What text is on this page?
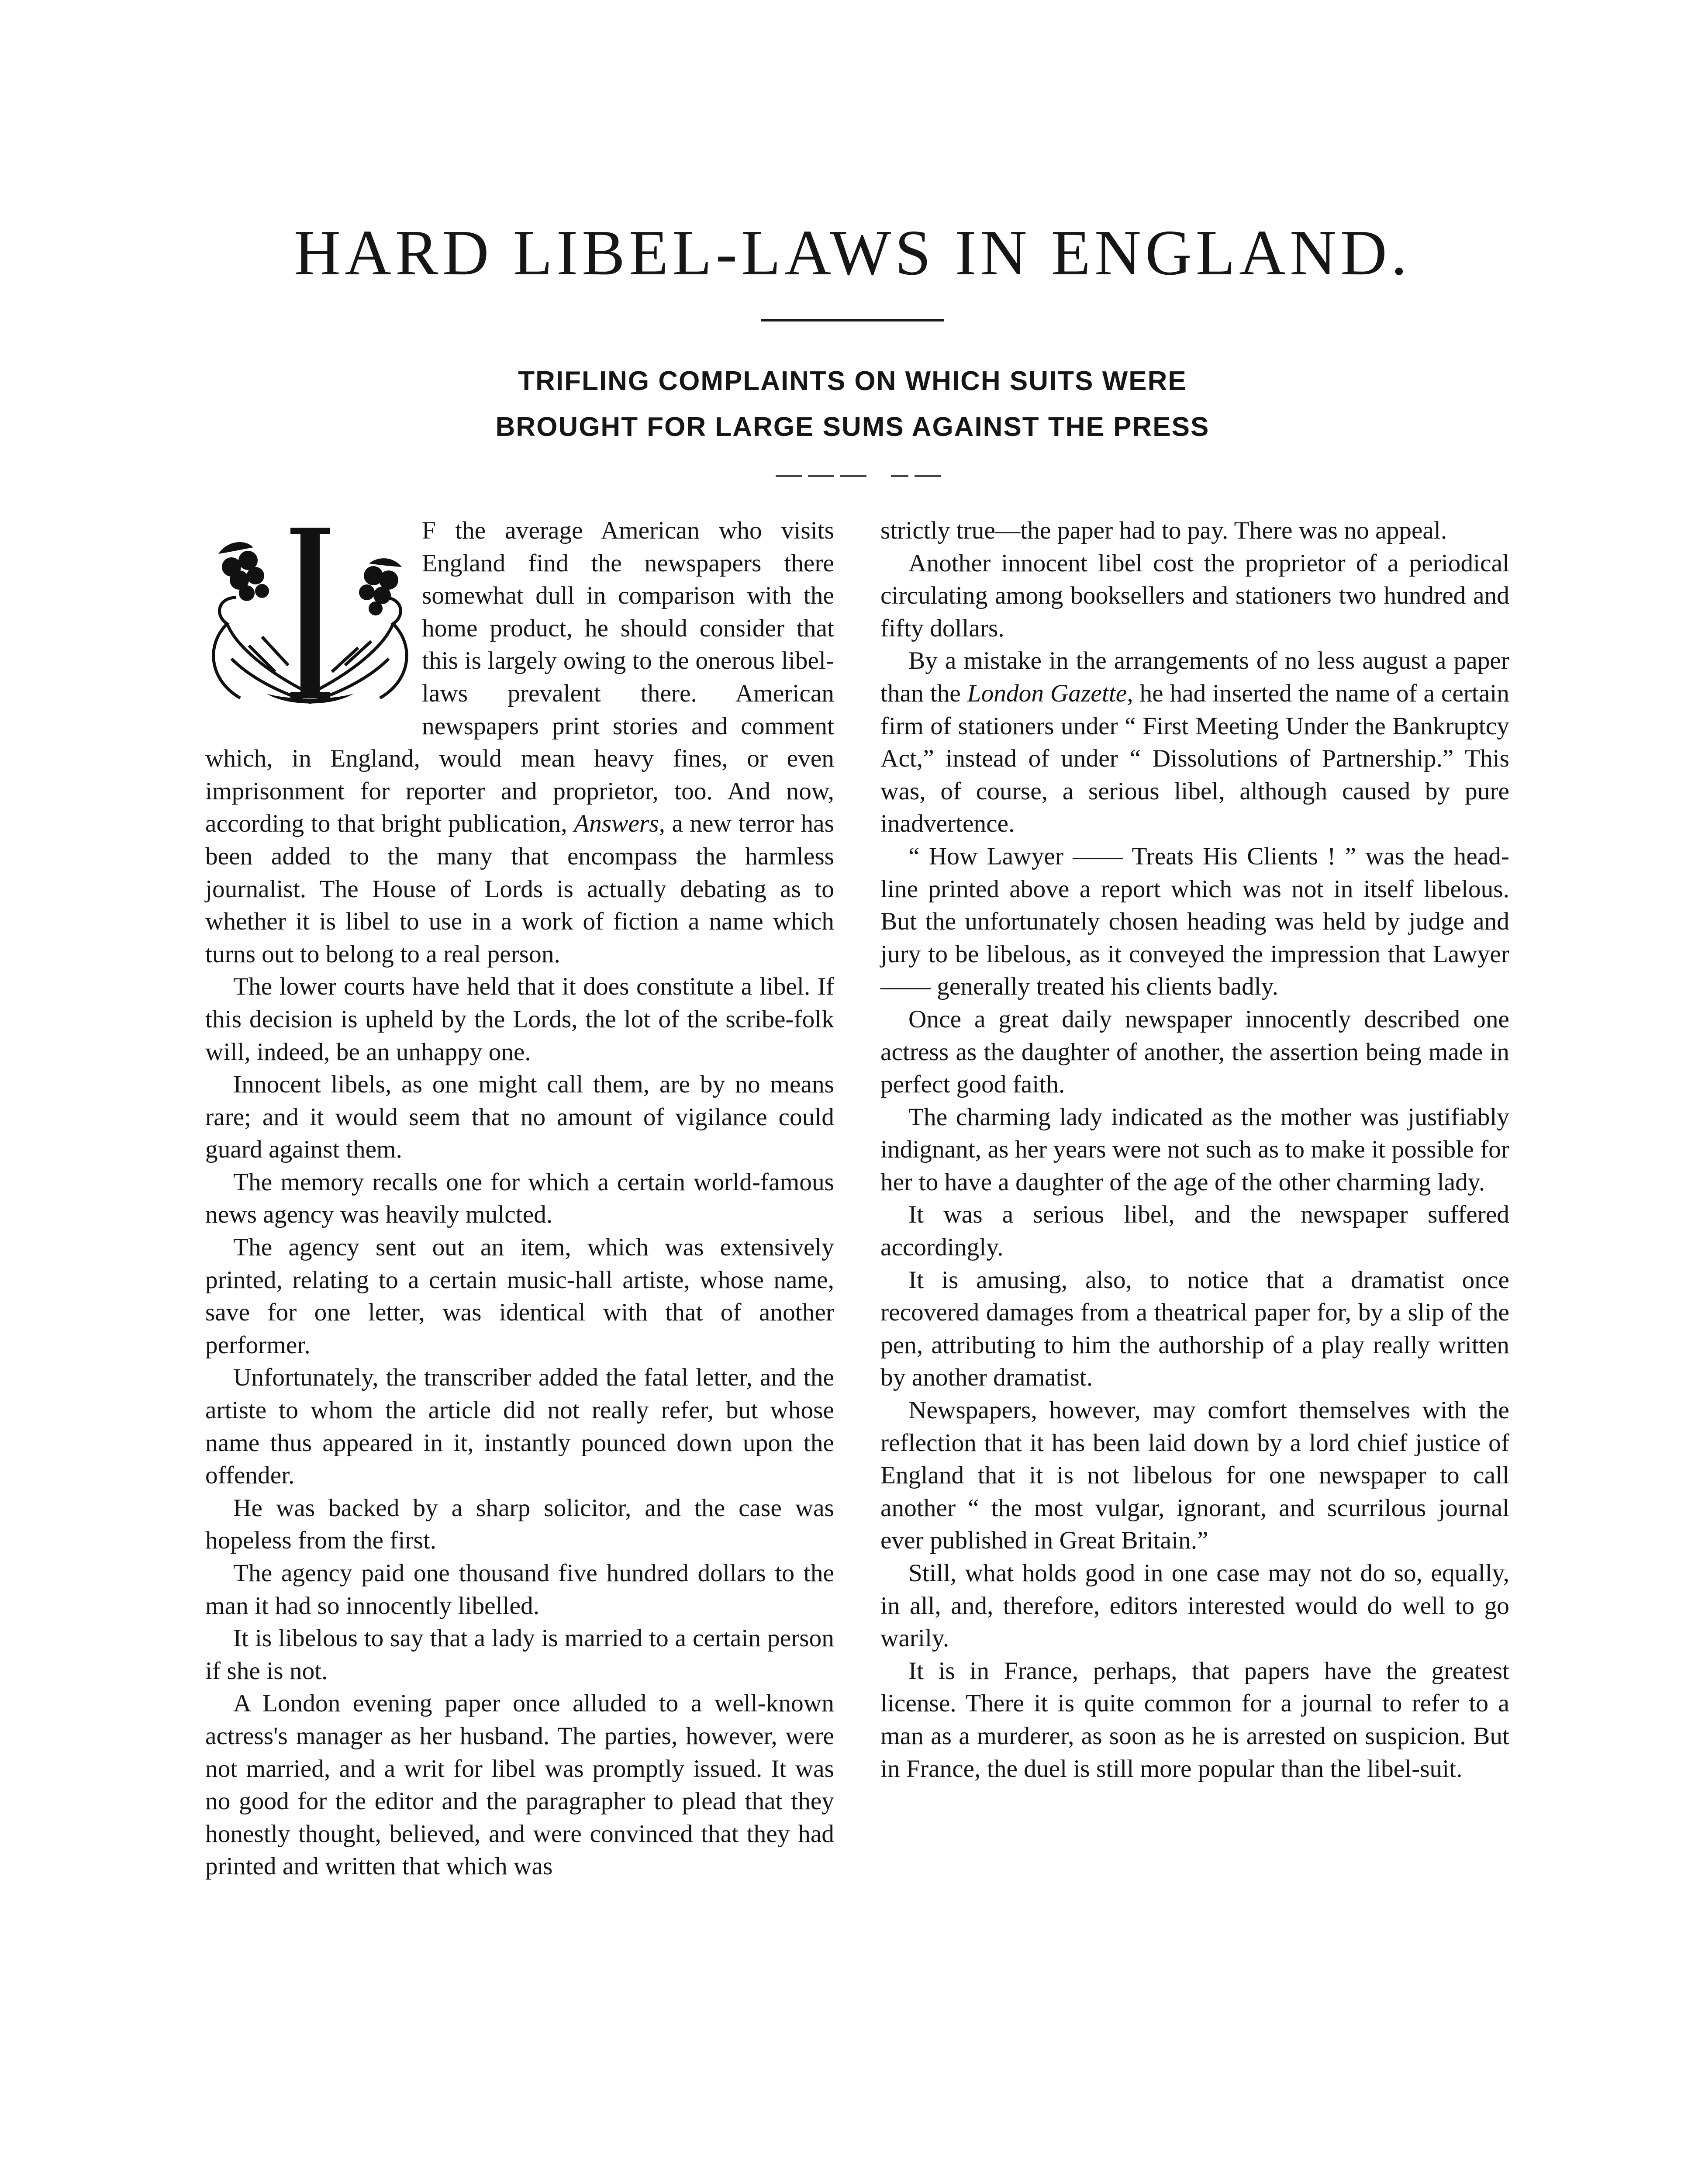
HARD LIBEL-LAWS IN ENGLAND.
TRIFLING COMPLAINTS ON WHICH SUITS WERE
BROUGHT FOR LARGE SUMS AGAINST THE PRESS

F the average American who visits England find the newspapers there somewhat dull in comparison with the home product, he should consider that this is largely owing to the onerous libel-laws prevalent there. American newspapers print stories and comment which, in England, would mean heavy fines, or even imprisonment for reporter and proprietor, too. And now, according to that bright publication, Answers, a new terror has been added to the many that encompass the harmless journalist. The House of Lords is actually debating as to whether it is libel to use in a work of fiction a name which turns out to belong to a real person.

The lower courts have held that it does constitute a libel. If this decision is upheld by the Lords, the lot of the scribe-folk will, indeed, be an unhappy one.

Innocent libels, as one might call them, are by no means rare; and it would seem that no amount of vigilance could guard against them.

The memory recalls one for which a certain world-famous news agency was heavily mulcted.

The agency sent out an item, which was extensively printed, relating to a certain music-hall artiste, whose name, save for one letter, was identical with that of another performer.

Unfortunately, the transcriber added the fatal letter, and the artiste to whom the article did not really refer, but whose name thus appeared in it, instantly pounced down upon the offender.

He was backed by a sharp solicitor, and the case was hopeless from the first.

The agency paid one thousand five hundred dollars to the man it had so innocently libelled.

It is libelous to say that a lady is married to a certain person if she is not.

A London evening paper once alluded to a well-known actress's manager as her husband. The parties, however, were not married, and a writ for libel was promptly issued. It was no good for the editor and the paragrapher to plead that they honestly thought, believed, and were convinced that they had printed and written that which was

strictly true—the paper had to pay. There was no appeal.

Another innocent libel cost the proprietor of a periodical circulating among booksellers and stationers two hundred and fifty dollars.

By a mistake in the arrangements of no less august a paper than the London Gazette, he had inserted the name of a certain firm of stationers under “ First Meeting Under the Bankruptcy Act,” instead of under “ Dissolutions of Partnership.” This was, of course, a serious libel, although caused by pure inadvertence.

“ How Lawyer —— Treats His Clients ! ” was the head-line printed above a report which was not in itself libelous. But the unfortunately chosen heading was held by judge and jury to be libelous, as it conveyed the impression that Lawyer —— generally treated his clients badly.

Once a great daily newspaper innocently described one actress as the daughter of another, the assertion being made in perfect good faith.

The charming lady indicated as the mother was justifiably indignant, as her years were not such as to make it possible for her to have a daughter of the age of the other charming lady.

It was a serious libel, and the newspaper suffered accordingly.

It is amusing, also, to notice that a dramatist once recovered damages from a theatrical paper for, by a slip of the pen, attributing to him the authorship of a play really written by another dramatist.

Newspapers, however, may comfort themselves with the reflection that it has been laid down by a lord chief justice of England that it is not libelous for one newspaper to call another “ the most vulgar, ignorant, and scurrilous journal ever published in Great Britain.”

Still, what holds good in one case may not do so, equally, in all, and, therefore, editors interested would do well to go warily.

It is in France, perhaps, that papers have the greatest license. There it is quite common for a journal to refer to a man as a murderer, as soon as he is arrested on suspicion. But in France, the duel is still more popular than the libel-suit.
